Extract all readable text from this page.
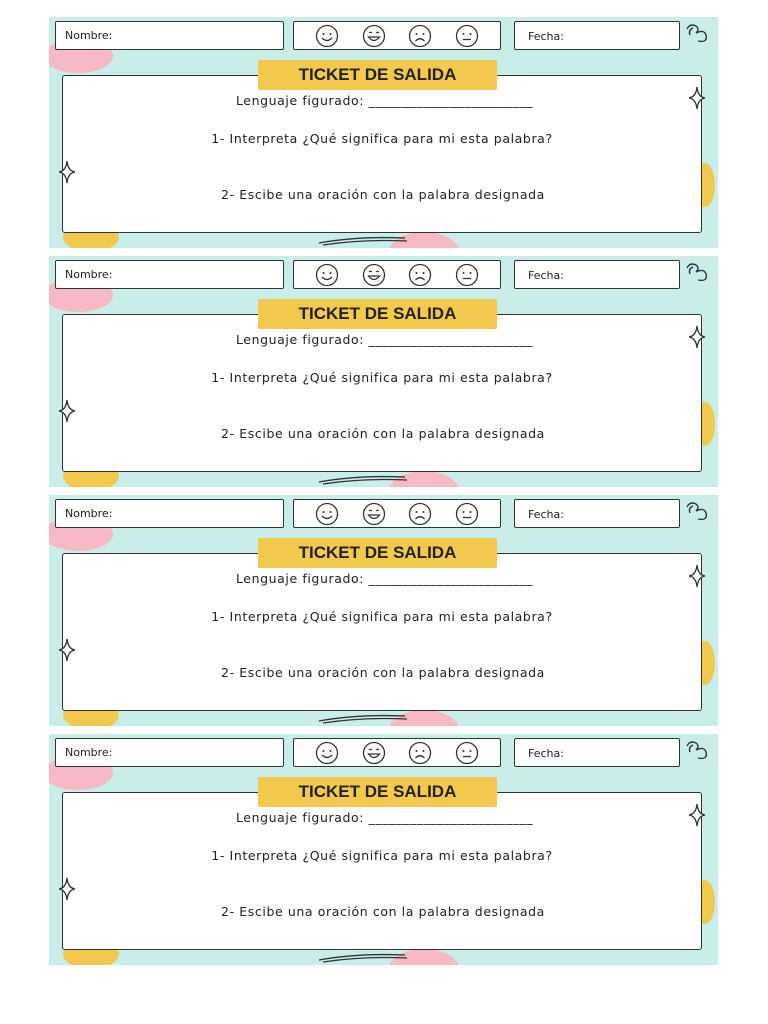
Nombre:	Fecha:
Lenguaje figurado: ________________________
1- Interpreta ¿Qué significa para mi esta palabra?
2- Escibe una oración con la palabra designada
TICKET DE SALIDA
Nombre:	Fecha:
Lenguaje figurado: ________________________
1- Interpreta ¿Qué significa para mi esta palabra?
2- Escibe una oración con la palabra designada
TICKET DE SALIDA
Nombre:	Fecha:
Lenguaje figurado: ________________________
1- Interpreta ¿Qué significa para mi esta palabra?
2- Escibe una oración con la palabra designada
TICKET DE SALIDA
Nombre:	Fecha:
Lenguaje figurado: ________________________
1- Interpreta ¿Qué significa para mi esta palabra?
2- Escibe una oración con la palabra designada
TICKET DE SALIDA
